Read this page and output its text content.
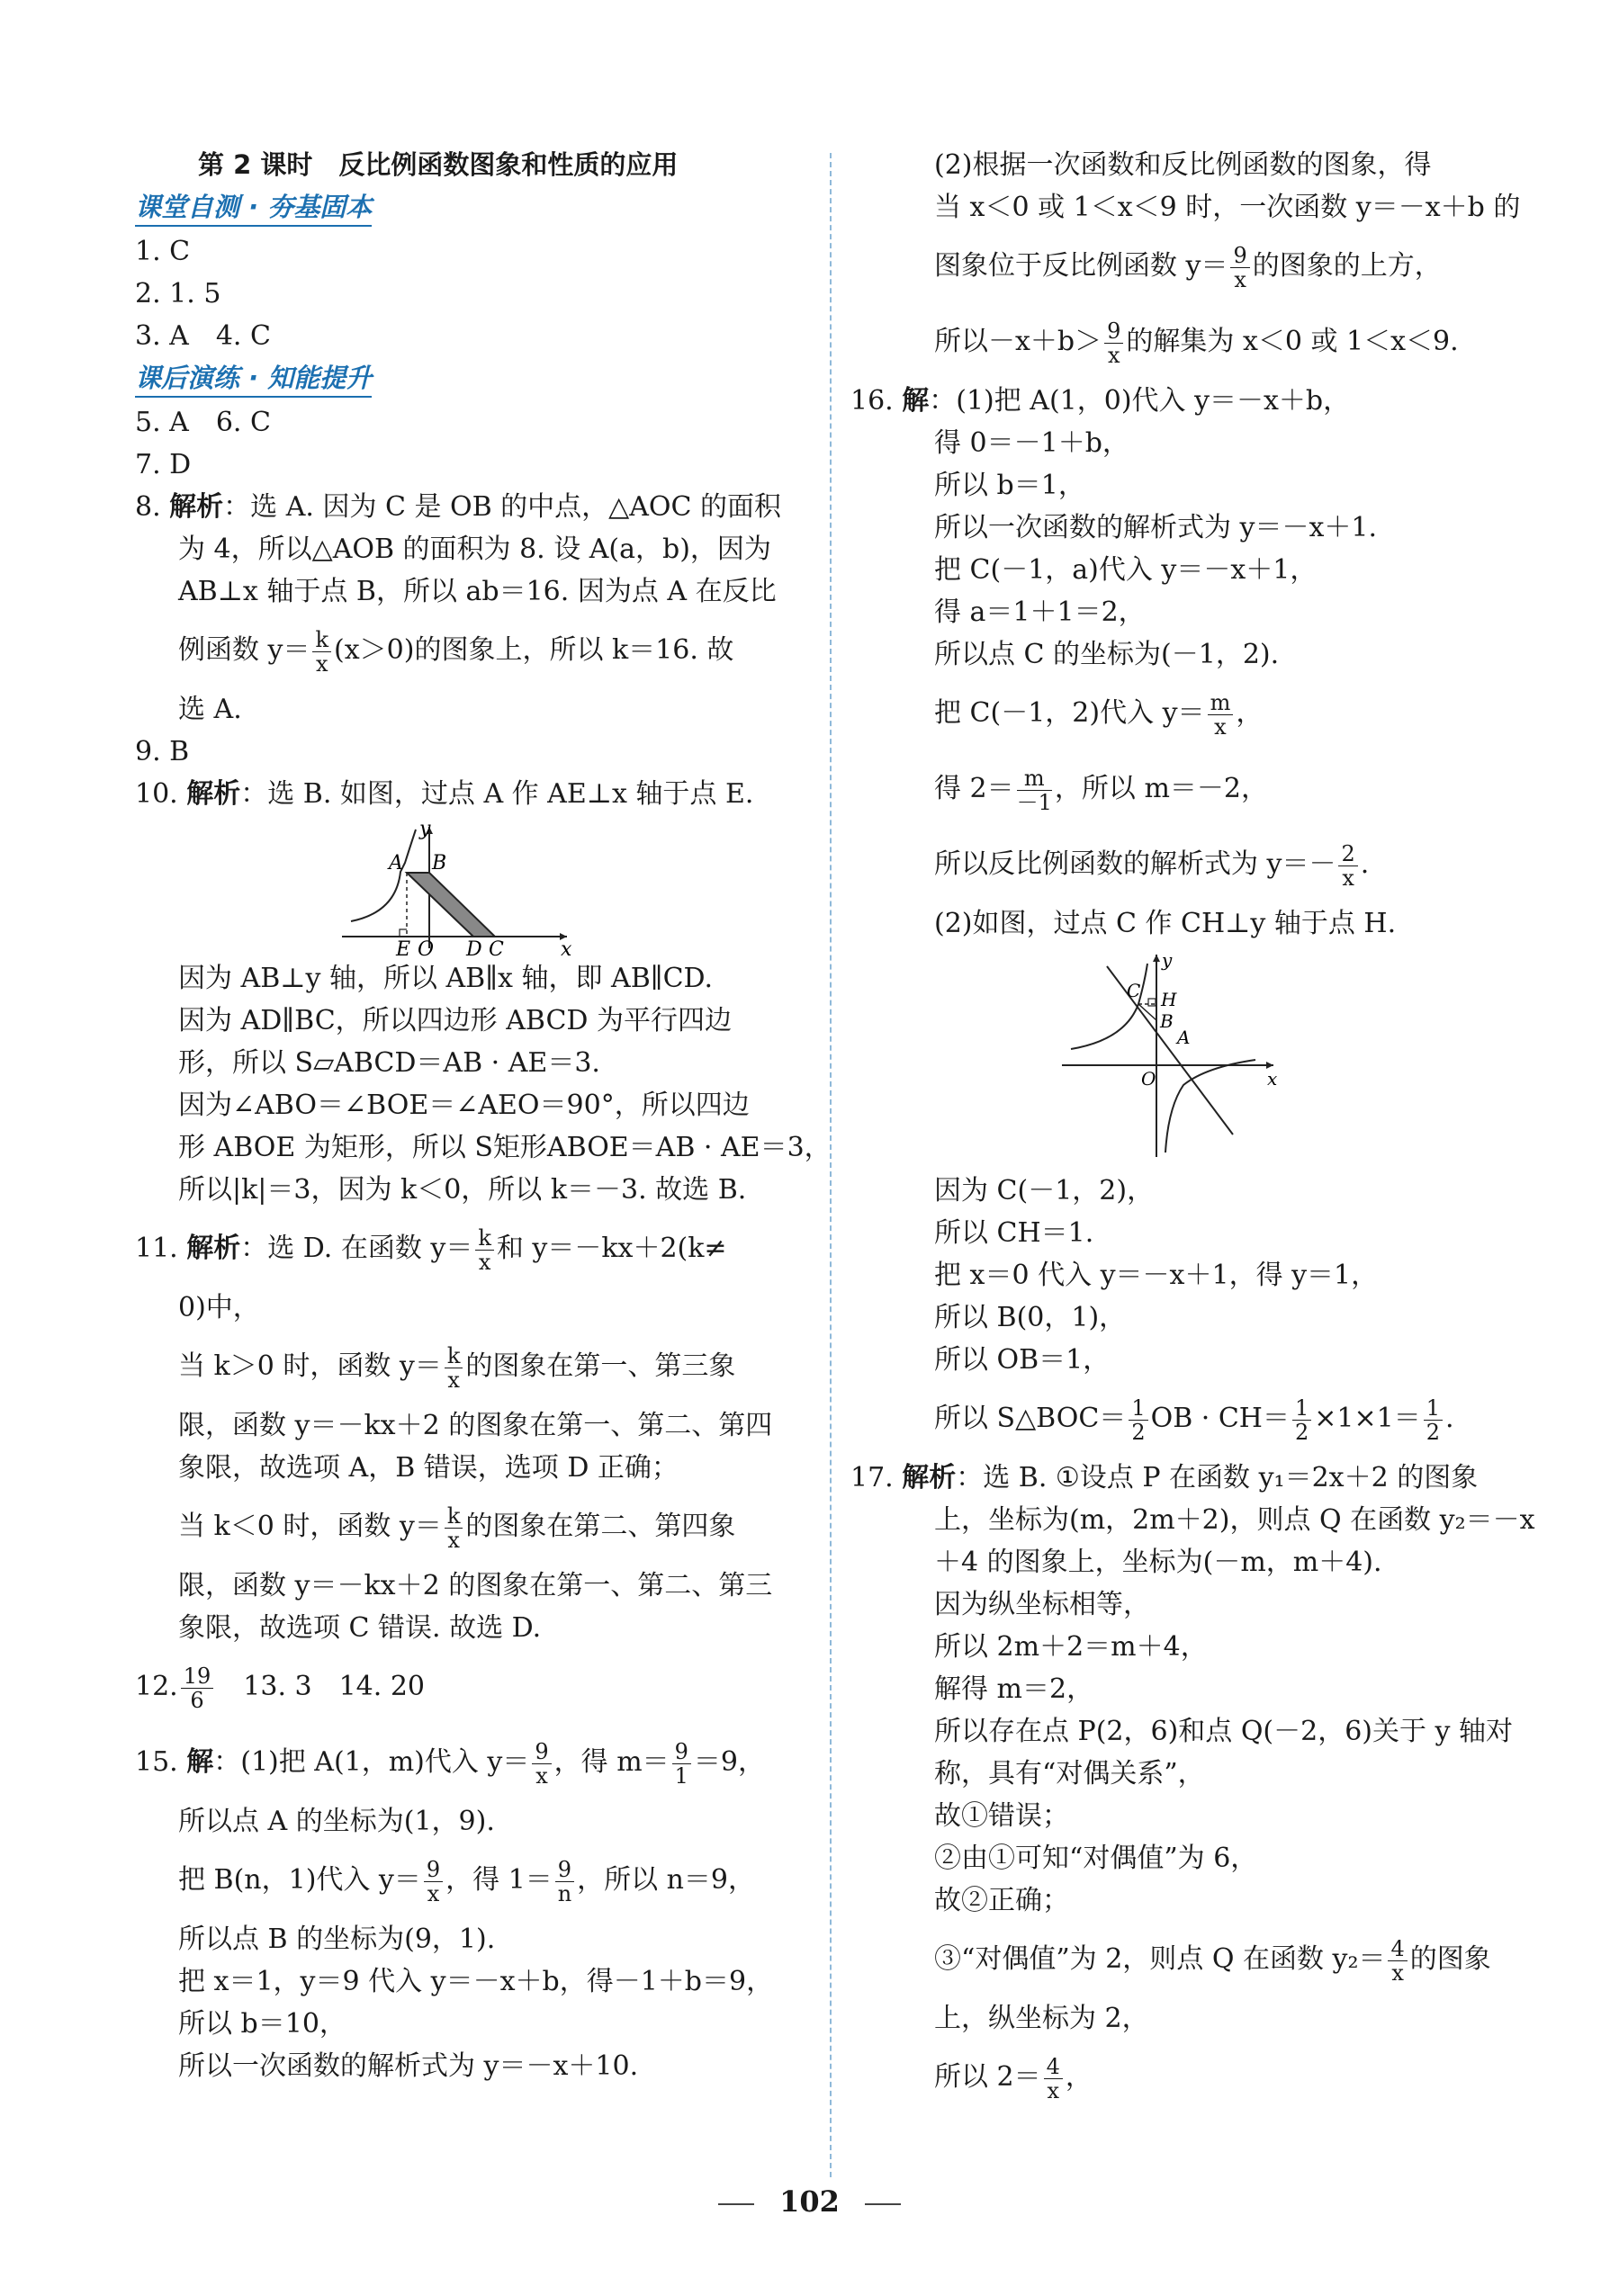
第 2 课时　反比例函数图象和性质的应用
课堂自测 · 夯基固本
1. C
2. 1. 5
3. A　4. C
课后演练 · 知能提升
5. A　6. C
7. D
8. 解析：选 A. 因为 C 是 OB 的中点，△AOC 的面积
为 4，所以△AOB 的面积为 8. 设 A(a，b)，因为
AB⊥x 轴于点 B，所以 ab＝16. 因为点 A 在反比
例函数 $y= \frac{k}{x} (x>0)$的图象上，所以 k＝16. 故
选 A.
9. B
10. 解析：选 B. 如图，过点 A 作 AE⊥x 轴于点 E.
y
A B
E O D C	x
因为 AB⊥y 轴，所以 AB∥x 轴，即 AB∥CD.
因为 AD∥BC，所以四边形 ABCD 为平行四边
形，所以 S▱ABCD＝AB · AE＝3.
因为∠ABO＝∠BOE＝∠AEO＝90°，所以四边
形 ABOE 为矩形，所以 S矩形ABOE＝AB · AE＝3，
所以|k|＝3，因为 k＜0，所以 k＝－3. 故选 B.
11. 解析：选 D. 在函数 $y= \frac{k}{x}$ 和 y＝－kx＋2(k≠
0)中，
当 k＞0 时，函数 $y= \frac{k}{x}$ 的图象在第一、第三象
限，函数 y＝－kx＋2 的图象在第一、第二、第四
象限，故选项 A，B 错误，选项 D 正确；
当 k＜0 时，函数 $y= \frac{k}{x}$ 的图象在第二、第四象
限，函数 y＝－kx＋2 的图象在第一、第二、第三
象限，故选项 C 错误. 故选 D.
12. $\frac{19}{6}$ 　13. 3　14. 20
15. 解：(1)把 A(1，m)代入 $y= \frac{9}{x}$ ，得 $m= \frac{9}{1} =9$，
所以点 A 的坐标为(1，9).
把 B(n，1)代入 $y= \frac{9}{x}$ ，得 $1= \frac{9}{n}$ ，所以 n＝9，
所以点 B 的坐标为(9，1).
把 x＝1，y＝9 代入 y＝－x＋b，得－1＋b＝9，
所以 b＝10，
所以一次函数的解析式为 y＝－x＋10.
(2)根据一次函数和反比例函数的图象，得
当 x＜0 或 1＜x＜9 时，一次函数 y＝－x＋b 的
图象位于反比例函数 $y= \frac{9}{x}$ 的图象的上方，
所以$-x+b> \frac{9}{x}$ 的解集为 x＜0 或 1＜x＜9.
16. 解：(1)把 A(1，0)代入 y＝－x＋b，
得 0＝－1＋b，
所以 b＝1，
所以一次函数的解析式为 y＝－x＋1.
把 C(－1，a)代入 y＝－x＋1，
得 a＝1＋1＝2，
所以点 C 的坐标为(－1，2).
把 C(－1，2)代入 $y= \frac{m}{x}$ ，
得 $2= \frac{m}{-1}$ ，所以 m＝－2，
所以反比例函数的解析式为 $y=- \frac{2}{x}$ .
(2)如图，过点 C 作 CH⊥y 轴于点 H.
y
C H
B
A
O	x
因为 C(－1，2)，
所以 CH＝1.
把 x＝0 代入 y＝－x＋1，得 y＝1，
所以 B(0，1)，
所以 OB＝1，
所以 S△BOC＝ $\frac{1}{2}$ OB · $CH= \frac{1}{2} \times 1\times 1= \frac{1}{2}$ .
17. 解析：选 B. ①设点 P 在函数 y₁＝2x＋2 的图象
上，坐标为(m，2m＋2)，则点 Q 在函数 y₂＝－x
＋4 的图象上，坐标为(－m，m＋4).
因为纵坐标相等，
所以 2m＋2＝m＋4，
解得 m＝2，
所以存在点 P(2，6)和点 Q(－2，6)关于 y 轴对
称，具有“对偶关系”，
故①错误；
②由①可知“对偶值”为 6，
故②正确；
③“对偶值”为 2，则点 Q 在函数 $y_2= \frac{4}{x}$ 的图象
上，纵坐标为 2，
所以 $2= \frac{4}{x}$ ，
102
